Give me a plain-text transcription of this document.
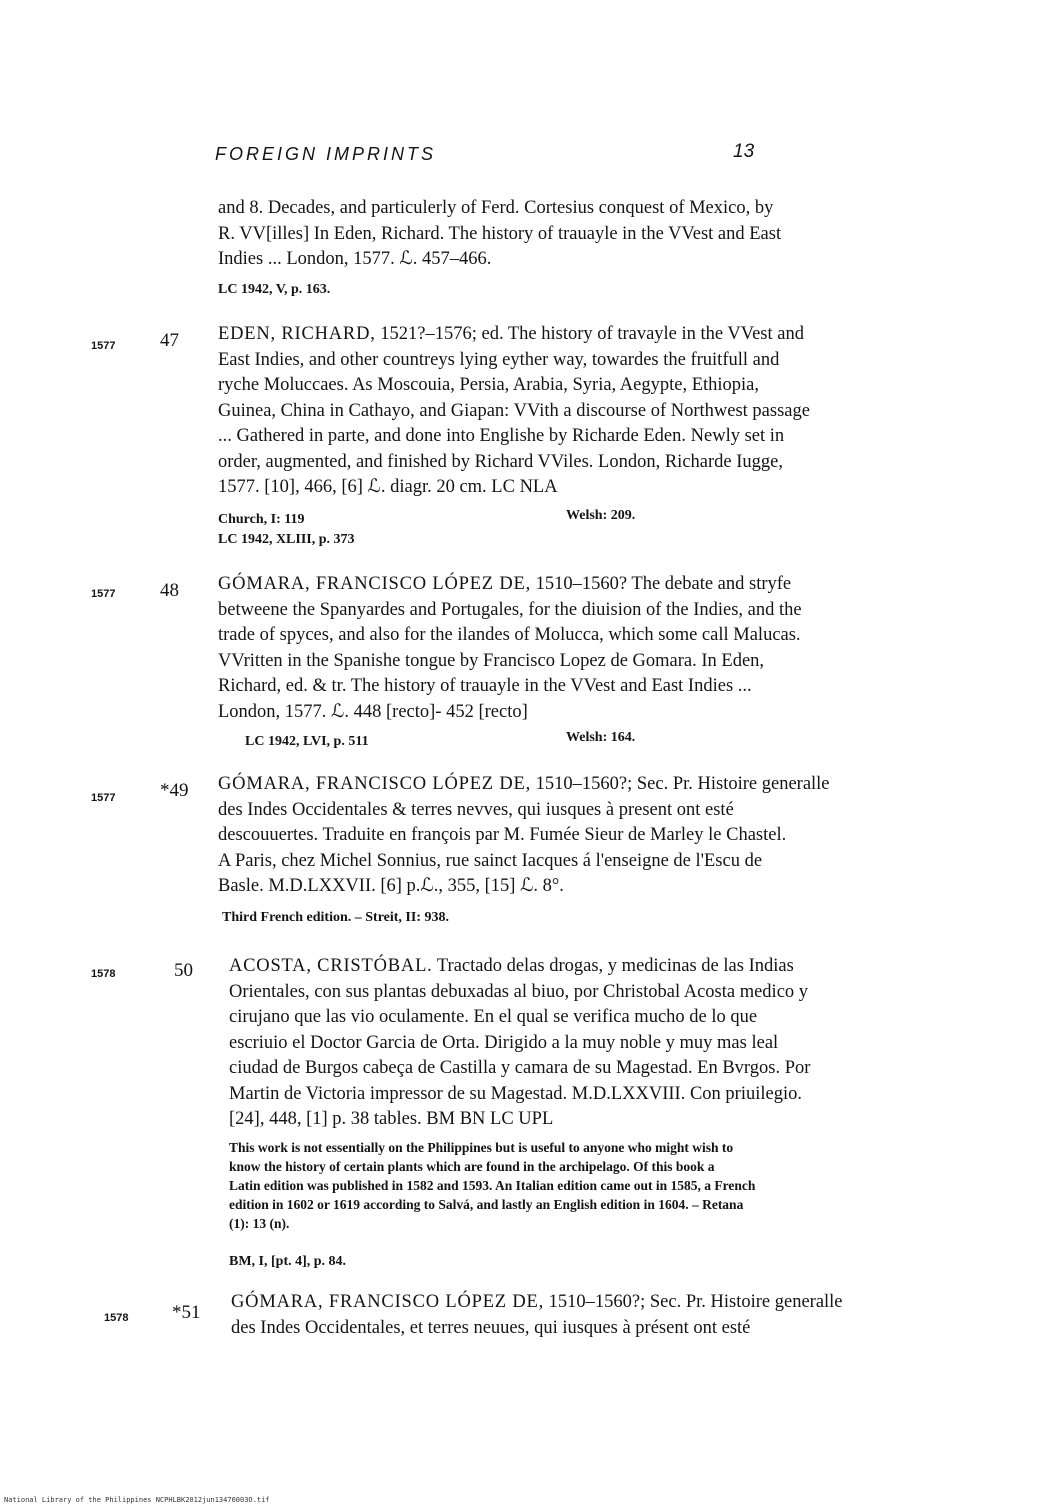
FOREIGN IMPRINTS	13
and 8. Decades, and particulerly of Ferd. Cortesius conquest of Mexico, by
R. VV[illes] In Eden, Richard. The history of trauayle in the VVest and East
Indies ... London, 1577. ℒ. 457–466.
LC 1942, V, p. 163.
1577 47 EDEN, RICHARD, 1521?–1576; ed. The history of travayle in the VVest and
East Indies, and other countreys lying eyther way, towardes the fruitfull and
ryche Moluccaes. As Moscouia, Persia, Arabia, Syria, Aegypte, Ethiopia,
Guinea, China in Cathayo, and Giapan: VVith a discourse of Northwest passage
... Gathered in parte, and done into Englishe by Richarde Eden. Newly set in
order, augmented, and finished by Richard VViles. London, Richarde Iugge,
1577. [10], 466, [6] ℒ. diagr. 20 cm. LC NLA
Church, I: 119
LC 1942, XLIII, p. 373
Welsh: 209.
1577 48 GÓMARA, FRANCISCO LÓPEZ DE, 1510–1560? The debate and stryfe
betweene the Spanyardes and Portugales, for the diuision of the Indies, and the
trade of spyces, and also for the ilandes of Molucca, which some call Malucas.
VVritten in the Spanishe tongue by Francisco Lopez de Gomara. In Eden,
Richard, ed. & tr. The history of trauayle in the VVest and East Indies ...
London, 1577. ℒ. 448 [recto]- 452 [recto]
LC 1942, LVI, p. 511	Welsh: 164.
1577 *49 GÓMARA, FRANCISCO LÓPEZ DE, 1510–1560?; Sec. Pr. Histoire generalle
des Indes Occidentales & terres nevves, qui iusques à present ont esté
descouuertes. Traduite en françois par M. Fumée Sieur de Marley le Chastel.
A Paris, chez Michel Sonnius, rue sainct Iacques á l'enseigne de l'Escu de
Basle. M.D.LXXVII. [6] p.ℒ., 355, [15] ℒ. 8°.
Third French edition. – Streit, II: 938.
1578	50 ACOSTA, CRISTÓBAL. Tractado delas drogas, y medicinas de las Indias
Orientales, con sus plantas debuxadas al biuo, por Christobal Acosta medico y
cirujano que las vio oculamente. En el qual se verifica mucho de lo que
escriuio el Doctor Garcia de Orta. Dirigido a la muy noble y muy mas leal
ciudad de Burgos cabeça de Castilla y camara de su Magestad. En Bvrgos. Por
Martin de Victoria impressor de su Magestad. M.D.LXXVIII. Con priuilegio.
[24], 448, [1] p. 38 tables. BM BN LC UPL
This work is not essentially on the Philippines but is useful to anyone who might wish to
know the history of certain plants which are found in the archipelago. Of this book a
Latin edition was published in 1582 and 1593. An Italian edition came out in 1585, a French
edition in 1602 or 1619 according to Salvá, and lastly an English edition in 1604. – Retana
(1): 13 (n).
BM, I, [pt. 4], p. 84.
1578 *51 GÓMARA, FRANCISCO LÓPEZ DE, 1510–1560?; Sec. Pr. Histoire generalle
des Indes Occidentales, et terres neuues, qui iusques à présent ont esté
National Library of the Philippines NCPHLBK2012jun13476003O.tif
